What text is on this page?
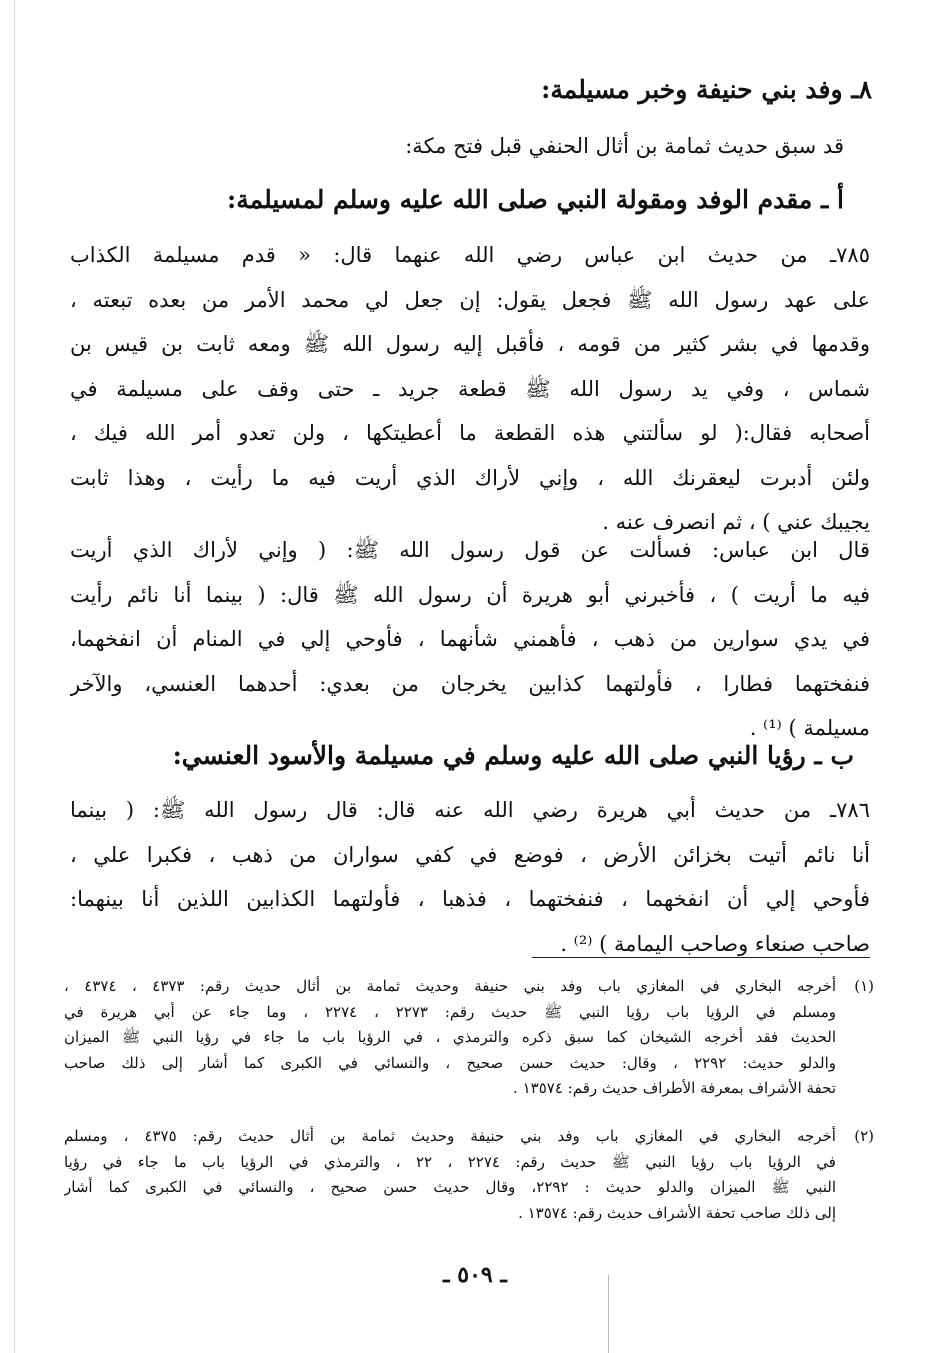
٨ـ وفد بني حنيفة وخبر مسيلمة:
قد سبق حديث ثمامة بن أثال الحنفي قبل فتح مكة:
أ ـ مقدم الوفد ومقولة النبي صلى الله عليه وسلم لمسيلمة:
٧٨٥ـ من حديث ابن عباس رضي الله عنهما قال: « قدم مسيلمة الكذاب
على عهد رسول الله ﷺ فجعل يقول: إن جعل لي محمد الأمر من بعده تبعته ،
وقدمها في بشر كثير من قومه ، فأقبل إليه رسول الله ﷺ ومعه ثابت بن قيس بن
شماس ، وفي يد رسول الله ﷺ قطعة جريد ـ حتى وقف على مسيلمة في
أصحابه فقال:( لو سألتني هذه القطعة ما أعطيتكها ، ولن تعدو أمر الله فيك ،
ولئن أدبرت ليعقرنك الله ، وإني لأراك الذي أريت فيه ما رأيت ، وهذا ثابت
يجيبك عني ) ، ثم انصرف عنه .
قال ابن عباس: فسألت عن قول رسول الله ﷺ: ( وإني لأراك الذي أريت
فيه ما أريت ) ، فأخبرني أبو هريرة أن رسول الله ﷺ قال: ( بينما أنا نائم رأيت
في يدي سوارين من ذهب ، فأهمني شأنهما ، فأوحي إلي في المنام أن انفخهما،
فنفختهما فطارا ، فأولتهما كذابين يخرجان من بعدي: أحدهما العنسي، والآخر
مسيلمة ) ⁽¹⁾ .
ب ـ رؤيا النبي صلى الله عليه وسلم في مسيلمة والأسود العنسي:
٧٨٦ـ من حديث أبي هريرة رضي الله عنه قال: قال رسول الله ﷺ: ( بينما
أنا نائم أتيت بخزائن الأرض ، فوضع في كفي سواران من ذهب ، فكبرا علي ،
فأوحي إلي أن انفخهما ، فنفختهما ، فذهبا ، فأولتهما الكذابين اللذين أنا بينهما:
صاحب صنعاء وصاحب اليمامة ) ⁽²⁾ .
(١)
أخرجه البخاري في المغازي باب وفد بني حنيفة وحديث ثمامة بن أثال حديث رقم: ٤٣٧٣ ، ٤٣٧٤ ،
ومسلم في الرؤيا باب رؤيا النبي ﷺ حديث رقم: ٢٢٧٣ ، ٢٢٧٤ ، وما جاء عن أبي هريرة في
الحديث فقد أخرجه الشيخان كما سبق ذكره والترمذي ، في الرؤيا باب ما جاء في رؤيا النبي ﷺ الميزان
والدلو حديث: ٢٢٩٢ ، وقال: حديث حسن صحيح ، والنسائي في الكبرى كما أشار إلى ذلك صاحب
تحفة الأشراف بمعرفة الأطراف حديث رقم: ١٣٥٧٤ .
(٢)
أخرجه البخاري في المغازي باب وفد بني حنيفة وحديث ثمامة بن أثال حديث رقم: ٤٣٧٥ ، ومسلم
في الرؤيا باب رؤيا النبي ﷺ حديث رقم: ٢٢٧٤ ، ٢٢ ، والترمذي في الرؤيا باب ما جاء في رؤيا
النبي ﷺ الميزان والدلو حديث : ٢٢٩٢، وقال حديث حسن صحيح ، والنسائي في الكبرى كما أشار
إلى ذلك صاحب تحفة الأشراف حديث رقم: ١٣٥٧٤ .
ـ ٥٠٩ ـ
